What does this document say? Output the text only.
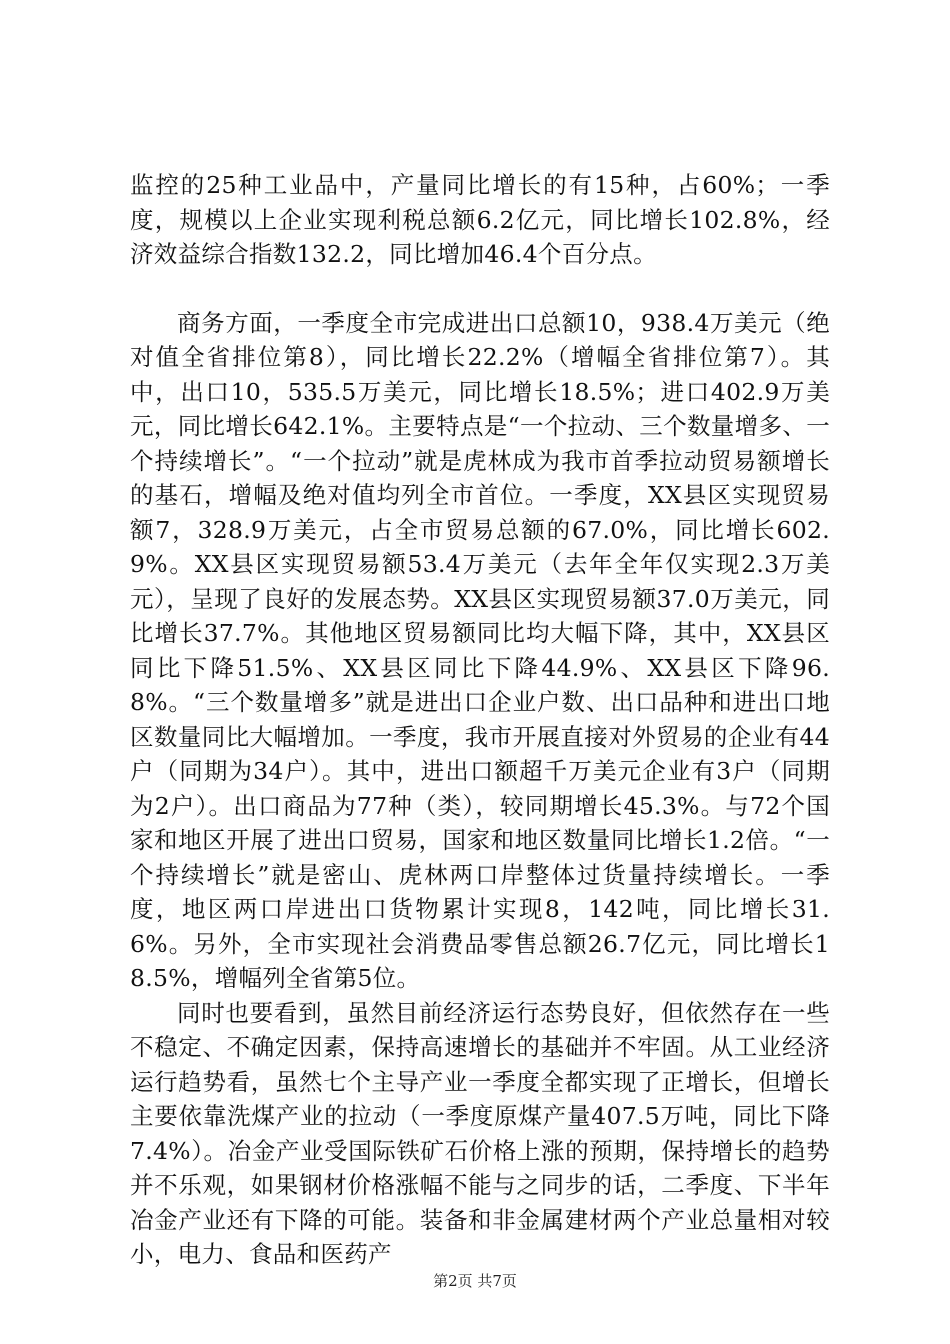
监控的25种工业品中，产量同比增长的有15种，占60%；一季度，规模以上企业实现利税总额6.2亿元，同比增长102.8%，经济效益综合指数132.2，同比增加46.4个百分点。

商务方面，一季度全市完成进出口总额10，938.4万美元（绝对值全省排位第8），同比增长22.2%（增幅全省排位第7）。其中，出口10，535.5万美元，同比增长18.5%；进口402.9万美元，同比增长642.1%。主要特点是“一个拉动、三个数量增多、一个持续增长”。“一个拉动”就是虎林成为我市首季拉动贸易额增长的基石，增幅及绝对值均列全市首位。一季度，XX县区实现贸易额7，328.9万美元，占全市贸易总额的67.0%，同比增长602.9%。XX县区实现贸易额53.4万美元（去年全年仅实现2.3万美元），呈现了良好的发展态势。XX县区实现贸易额37.0万美元，同比增长37.7%。其他地区贸易额同比均大幅下降，其中，XX县区同比下降51.5%、XX县区同比下降44.9%、XX县区下降96.8%。“三个数量增多”就是进出口企业户数、出口品种和进出口地区数量同比大幅增加。一季度，我市开展直接对外贸易的企业有44户（同期为34户）。其中，进出口额超千万美元企业有3户（同期为2户）。出口商品为77种（类），较同期增长45.3%。与72个国家和地区开展了进出口贸易，国家和地区数量同比增长1.2倍。“一个持续增长”就是密山、虎林两口岸整体过货量持续增长。一季度，地区两口岸进出口货物累计实现8，142吨，同比增长31.6%。另外，全市实现社会消费品零售总额26.7亿元，同比增长18.5%，增幅列全省第5位。

同时也要看到，虽然目前经济运行态势良好，但依然存在一些不稳定、不确定因素，保持高速增长的基础并不牢固。从工业经济运行趋势看，虽然七个主导产业一季度全都实现了正增长，但增长主要依靠洗煤产业的拉动（一季度原煤产量407.5万吨，同比下降7.4%）。冶金产业受国际铁矿石价格上涨的预期，保持增长的趋势并不乐观，如果钢材价格涨幅不能与之同步的话，二季度、下半年冶金产业还有下降的可能。装备和非金属建材两个产业总量相对较小，电力、食品和医药产

第2页 共7页
